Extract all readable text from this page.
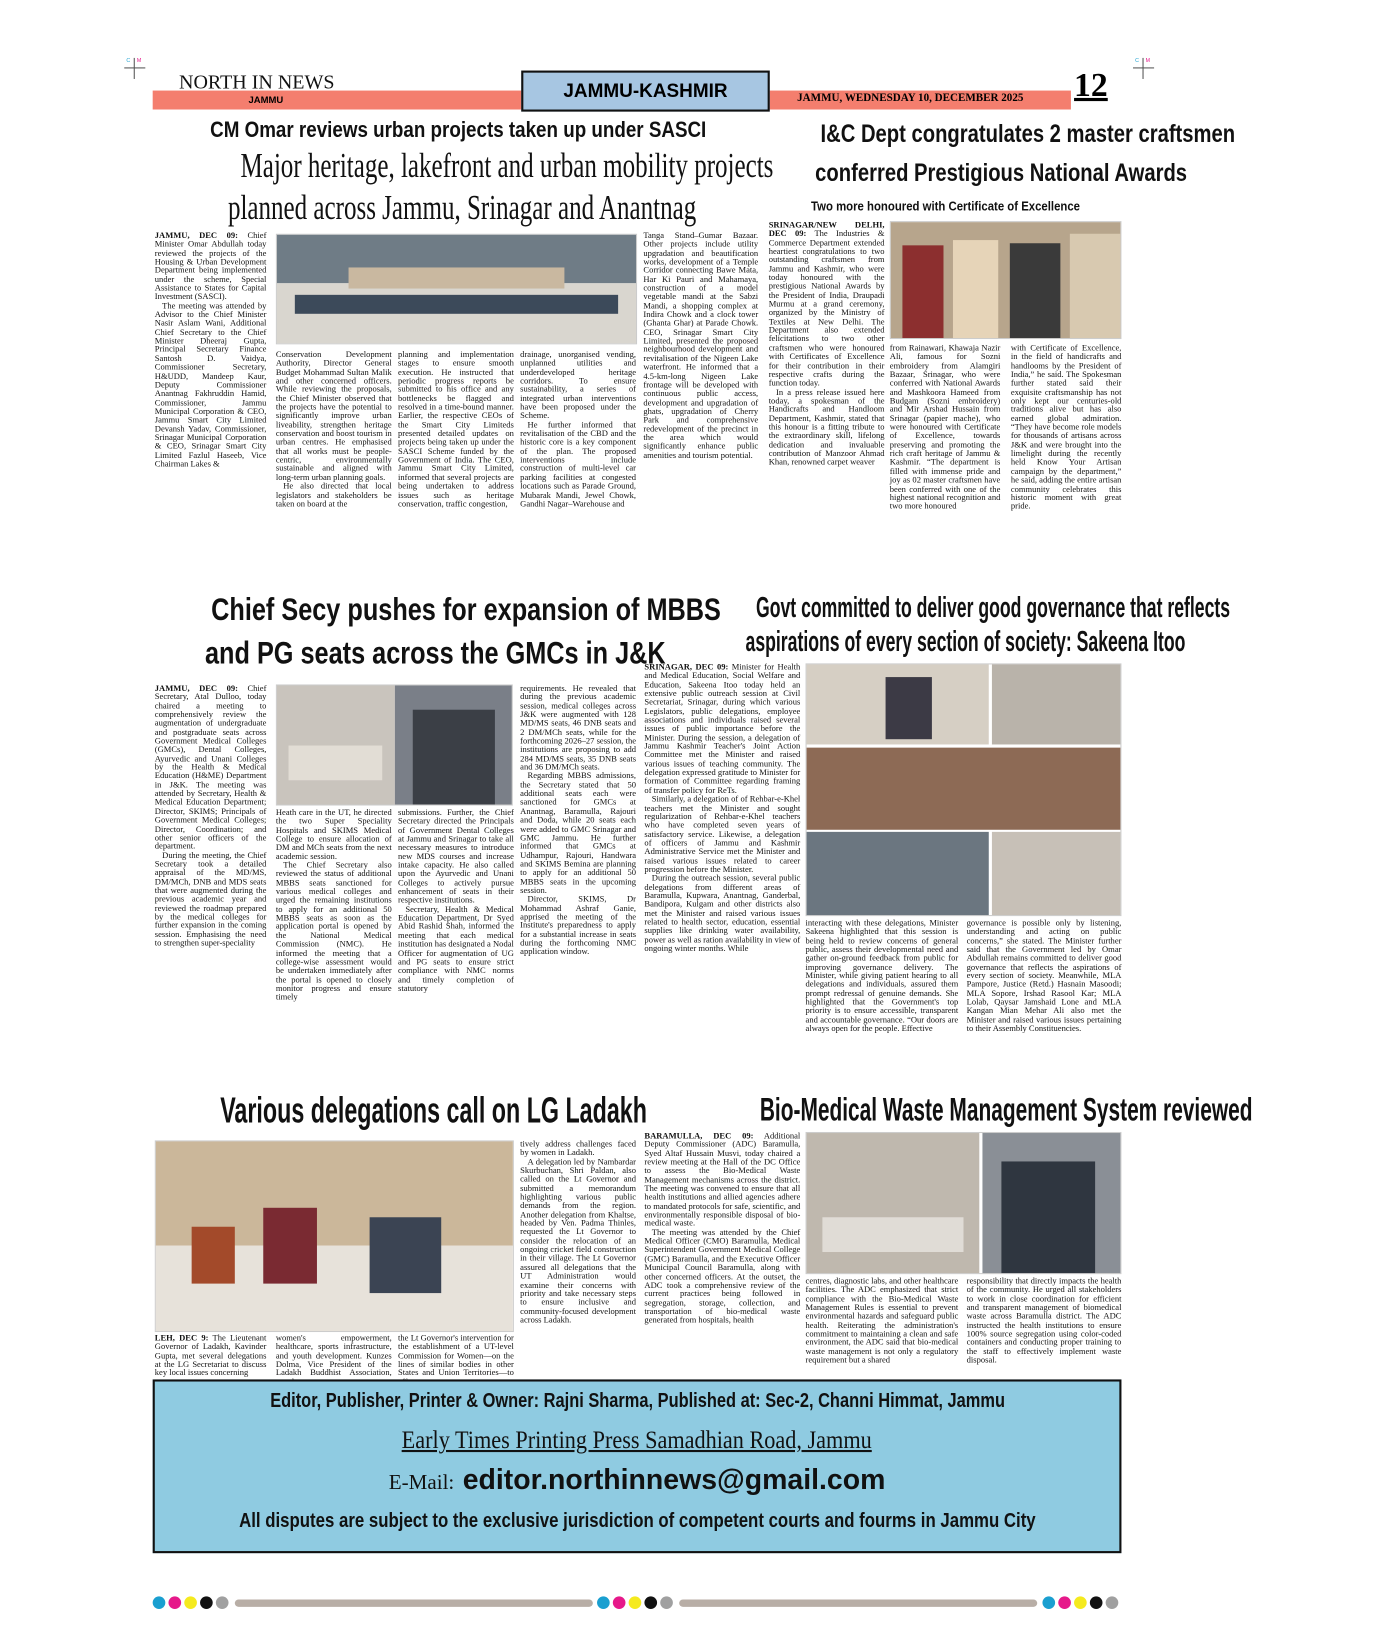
C M	C M
NORTH IN NEWS
JAMMU	JAMMU-KASHMIR	JAMMU, WEDNESDAY 10, DECEMBER 2025 12
CM Omar reviews urban projects taken up under SASCI
Major heritage, lakefront and urban mobility projects
planned across Jammu, Srinagar and Anantnag

JAMMU, DEC 09: Chief Minister Omar Abdullah today reviewed the projects of the Housing & Urban Development Department being implemented under the scheme, Special Assistance to States for Capital Investment (SASCI).

The meeting was attended by Advisor to the Chief Minister Nasir Aslam Wani, Additional Chief Secretary to the Chief Minister Dheeraj Gupta, Principal Secretary Finance Santosh D. Vaidya, Commissioner Secretary, H&UDD, Mandeep Kaur, Deputy Commissioner Anantnag Fakhruddin Hamid, Commissioner, Jammu Municipal Corporation & CEO, Jammu Smart City Limited Devansh Yadav, Commissioner, Srinagar Municipal Corporation & CEO, Srinagar Smart City Limited Fazlul Haseeb, Vice Chairman Lakes &

Conservation Development Authority, Director General Budget Mohammad Sultan Malik and other concerned officers. While reviewing the proposals, the Chief Minister observed that the projects have the potential to significantly improve urban liveability, strengthen heritage conservation and boost tourism in urban centres. He emphasised that all works must be people-centric, environmentally sustainable and aligned with long-term urban planning goals.

He also directed that local legislators and stakeholders be taken on board at the

planning and implementation stages to ensure smooth execution. He instructed that periodic progress reports be submitted to his office and any bottlenecks be flagged and resolved in a time-bound manner. Earlier, the respective CEOs of the Smart City Limiteds presented detailed updates on projects being taken up under the SASCI Scheme funded by the Government of India. The CEO, Jammu Smart City Limited, informed that several projects are being undertaken to address issues such as heritage conservation, traffic congestion,

drainage, unorganised vending, unplanned utilities and underdeveloped heritage corridors. To ensure sustainability, a series of integrated urban interventions have been proposed under the Scheme.

He further informed that revitalisation of the CBD and the historic core is a key component of the plan. The proposed interventions include construction of multi-level car parking facilities at congested locations such as Parade Ground, Mubarak Mandi, Jewel Chowk, Gandhi Nagar–Warehouse and

Tanga Stand–Gumar Bazaar. Other projects include utility upgradation and beautification works, development of a Temple Corridor connecting Bawe Mata, Har Ki Pauri and Mahamaya, construction of a model vegetable mandi at the Sabzi Mandi, a shopping complex at Indira Chowk and a clock tower (Ghanta Ghar) at Parade Chowk. CEO, Srinagar Smart City Limited, presented the proposed neighbourhood development and revitalisation of the Nigeen Lake waterfront. He informed that a 4.5-km-long Nigeen Lake frontage will be developed with continuous public access, development and upgradation of ghats, upgradation of Cherry Park and comprehensive redevelopment of the precinct in the area which would significantly enhance public amenities and tourism potential.

I&C Dept congratulates 2 master craftsmen
conferred Prestigious National Awards
Two more honoured with Certificate of Excellence

SRINAGAR/NEW DELHI, DEC 09: The Industries & Commerce Department extended heartiest congratulations to two outstanding craftsmen from Jammu and Kashmir, who were today honoured with the prestigious National Awards by the President of India, Draupadi Murmu at a grand ceremony, organized by the Ministry of Textiles at New Delhi. The Department also extended felicitations to two other craftsmen who were honoured with Certificates of Excellence for their contribution in their respective crafts during the function today.

In a press release issued here today, a spokesman of the Handicrafts and Handloom Department, Kashmir, stated that this honour is a fitting tribute to the extraordinary skill, lifelong dedication and invaluable contribution of Manzoor Ahmad Khan, renowned carpet weaver

from Rainawari, Khawaja Nazir Ali, famous for Sozni embroidery from Alamgiri Bazaar, Srinagar, who were conferred with National Awards and Mashkoora Hameed from Budgam (Sozni embroidery) and Mir Arshad Hussain from Srinagar (papier mache), who were honoured with Certificate of Excellence, towards preserving and promoting the rich craft heritage of Jammu & Kashmir. “The department is filled with immense pride and joy as 02 master craftsmen have been conferred with one of the highest national recognition and two more honoured

with Certificate of Excellence, in the field of handicrafts and handlooms by the President of India,” he said. The Spokesman further stated said their exquisite craftsmanship has not only kept our centuries-old traditions alive but has also earned global admiration. “They have become role models for thousands of artisans across J&K and were brought into the limelight during the recently held Know Your Artisan campaign by the department,” he said, adding the entire artisan community celebrates this historic moment with great pride.

Chief Secy pushes for expansion of MBBS
and PG seats across the GMCs in J&K

JAMMU, DEC 09: Chief Secretary, Atal Dulloo, today chaired a meeting to comprehensively review the augmentation of undergraduate and postgraduate seats across Government Medical Colleges (GMCs), Dental Colleges, Ayurvedic and Unani Colleges by the Health & Medical Education (H&ME) Department in J&K. The meeting was attended by Secretary, Health & Medical Education Department; Director, SKIMS; Principals of Government Medical Colleges; Director, Coordination; and other senior officers of the department.

During the meeting, the Chief Secretary took a detailed appraisal of the MD/MS, DM/MCh, DNB and MDS seats that were augmented during the previous academic year and reviewed the roadmap prepared by the medical colleges for further expansion in the coming session. Emphasising the need to strengthen super-speciality

Heath care in the UT, he directed the two Super Speciality Hospitals and SKIMS Medical College to ensure allocation of DM and MCh seats from the next academic session.

The Chief Secretary also reviewed the status of additional MBBS seats sanctioned for various medical colleges and urged the remaining institutions to apply for an additional 50 MBBS seats as soon as the application portal is opened by the National Medical Commission (NMC). He informed the meeting that a college-wise assessment would be undertaken immediately after the portal is opened to closely monitor progress and ensure timely

submissions. Further, the Chief Secretary directed the Principals of Government Dental Colleges at Jammu and Srinagar to take all necessary measures to introduce new MDS courses and increase intake capacity. He also called upon the Ayurvedic and Unani Colleges to actively pursue enhancement of seats in their respective institutions.

Secretary, Health & Medical Education Department, Dr Syed Abid Rashid Shah, informed the meeting that each medical institution has designated a Nodal Officer for augmentation of UG and PG seats to ensure strict compliance with NMC norms and timely completion of statutory

requirements. He revealed that during the previous academic session, medical colleges across J&K were augmented with 128 MD/MS seats, 46 DNB seats and 2 DM/MCh seats, while for the forthcoming 2026–27 session, the institutions are proposing to add 284 MD/MS seats, 35 DNB seats and 36 DM/MCh seats.

Regarding MBBS admissions, the Secretary stated that 50 additional seats each were sanctioned for GMCs at Anantnag, Baramulla, Rajouri and Doda, while 20 seats each were added to GMC Srinagar and GMC Jammu. He further informed that GMCs at Udhampur, Rajouri, Handwara and SKIMS Bemina are planning to apply for an additional 50 MBBS seats in the upcoming session.

Director, SKIMS, Dr Mohammad Ashraf Ganie, apprised the meeting of the Institute's preparedness to apply for a substantial increase in seats during the forthcoming NMC application window.

Govt committed to deliver good governance that reflects
aspirations of every section of society: Sakeena Itoo

SRINAGAR, DEC 09: Minister for Health and Medical Education, Social Welfare and Education, Sakeena Itoo today held an extensive public outreach session at Civil Secretariat, Srinagar, during which various Legislators, public delegations, employee associations and individuals raised several issues of public importance before the Minister. During the session, a delegation of Jammu Kashmir Teacher's Joint Action Committee met the Minister and raised various issues of teaching community. The delegation expressed gratitude to Minister for formation of Committee regarding framing of transfer policy for ReTs.

Similarly, a delegation of of Rehbar-e-Khel teachers met the Minister and sought regularization of Rehbar-e-Khel teachers who have completed seven years of satisfactory service. Likewise, a delegation of officers of Jammu and Kashmir Administrative Service met the Minister and raised various issues related to career progression before the Minister.

During the outreach session, several public delegations from different areas of Baramulla, Kupwara, Anantnag, Ganderbal, Bandipora, Kulgam and other districts also met the Minister and raised various issues related to health sector, education, essential supplies like drinking water availability, power as well as ration availability in view of ongoing winter months. While

interacting with these delegations, Minister Sakeena highlighted that this session is being held to review concerns of general public, assess their developmental need and gather on-ground feedback from public for improving governance delivery. The Minister, while giving patient hearing to all delegations and individuals, assured them prompt redressal of genuine demands. She highlighted that the Government's top priority is to ensure accessible, transparent and accountable governance. “Our doors are always open for the people. Effective

governance is possible only by listening, understanding and acting on public concerns,” she stated. The Minister further said that the Government led by Omar Abdullah remains committed to deliver good governance that reflects the aspirations of every section of society. Meanwhile, MLA Pampore, Justice (Retd.) Hasnain Masoodi; MLA Sopore, Irshad Rasool Kar; MLA Lolab, Qaysar Jamshaid Lone and MLA Kangan Mian Mehar Ali also met the Minister and raised various issues pertaining to their Assembly Constituencies.

Various delegations call on LG Ladakh

LEH, DEC 9: The Lieutenant Governor of Ladakh, Kavinder Gupta, met several delegations at the LG Secretariat to discuss key local issues concerning

women's empowerment, healthcare, sports infrastructure, and youth development. Kunzes Dolma, Vice President of the Ladakh Buddhist Association,

the Lt Governor's intervention for the establishment of a UT-level Commission for Women—on the lines of similar bodies in other States and Union Territories—to

tively address challenges faced by women in Ladakh.

A delegation led by Nambardar Skurbuchan, Shri Paldan, also called on the Lt Governor and submitted a memorandum highlighting various public demands from the region. Another delegation from Khaltse, headed by Ven. Padma Thinles, requested the Lt Governor to consider the relocation of an ongoing cricket field construction in their village. The Lt Governor assured all delegations that the UT Administration would examine their concerns with priority and take necessary steps to ensure inclusive and community-focused development across Ladakh.

Bio-Medical Waste Management System reviewed

BARAMULLA, DEC 09: Additional Deputy Commissioner (ADC) Baramulla, Syed Altaf Hussain Musvi, today chaired a review meeting at the Hall of the DC Office to assess the Bio-Medical Waste Management mechanisms across the district. The meeting was convened to ensure that all health institutions and allied agencies adhere to mandated protocols for safe, scientific, and environmentally responsible disposal of bio-medical waste.

The meeting was attended by the Chief Medical Officer (CMO) Baramulla, Medical Superintendent Government Medical College (GMC) Baramulla, and the Executive Officer Municipal Council Baramulla, along with other concerned officers. At the outset, the ADC took a comprehensive review of the current practices being followed in segregation, storage, collection, and transportation of bio-medical waste generated from hospitals, health

centres, diagnostic labs, and other healthcare facilities. The ADC emphasized that strict compliance with the Bio-Medical Waste Management Rules is essential to prevent environmental hazards and safeguard public health. Reiterating the administration's commitment to maintaining a clean and safe environment, the ADC said that bio-medical waste management is not only a regulatory requirement but a shared

responsibility that directly impacts the health of the community. He urged all stakeholders to work in close coordination for efficient and transparent management of biomedical waste across Baramulla district. The ADC instructed the health institutions to ensure 100% source segregation using color-coded containers and conducting proper training to the staff to effectively implement waste disposal.

Editor, Publisher, Printer & Owner: Rajni Sharma, Published at: Sec-2, Channi Himmat, Jammu
Early Times Printing Press Samadhian Road, Jammu
E-Mail: editor.northinnews@gmail.com
All disputes are subject to the exclusive jurisdiction of competent courts and fourms in Jammu City
